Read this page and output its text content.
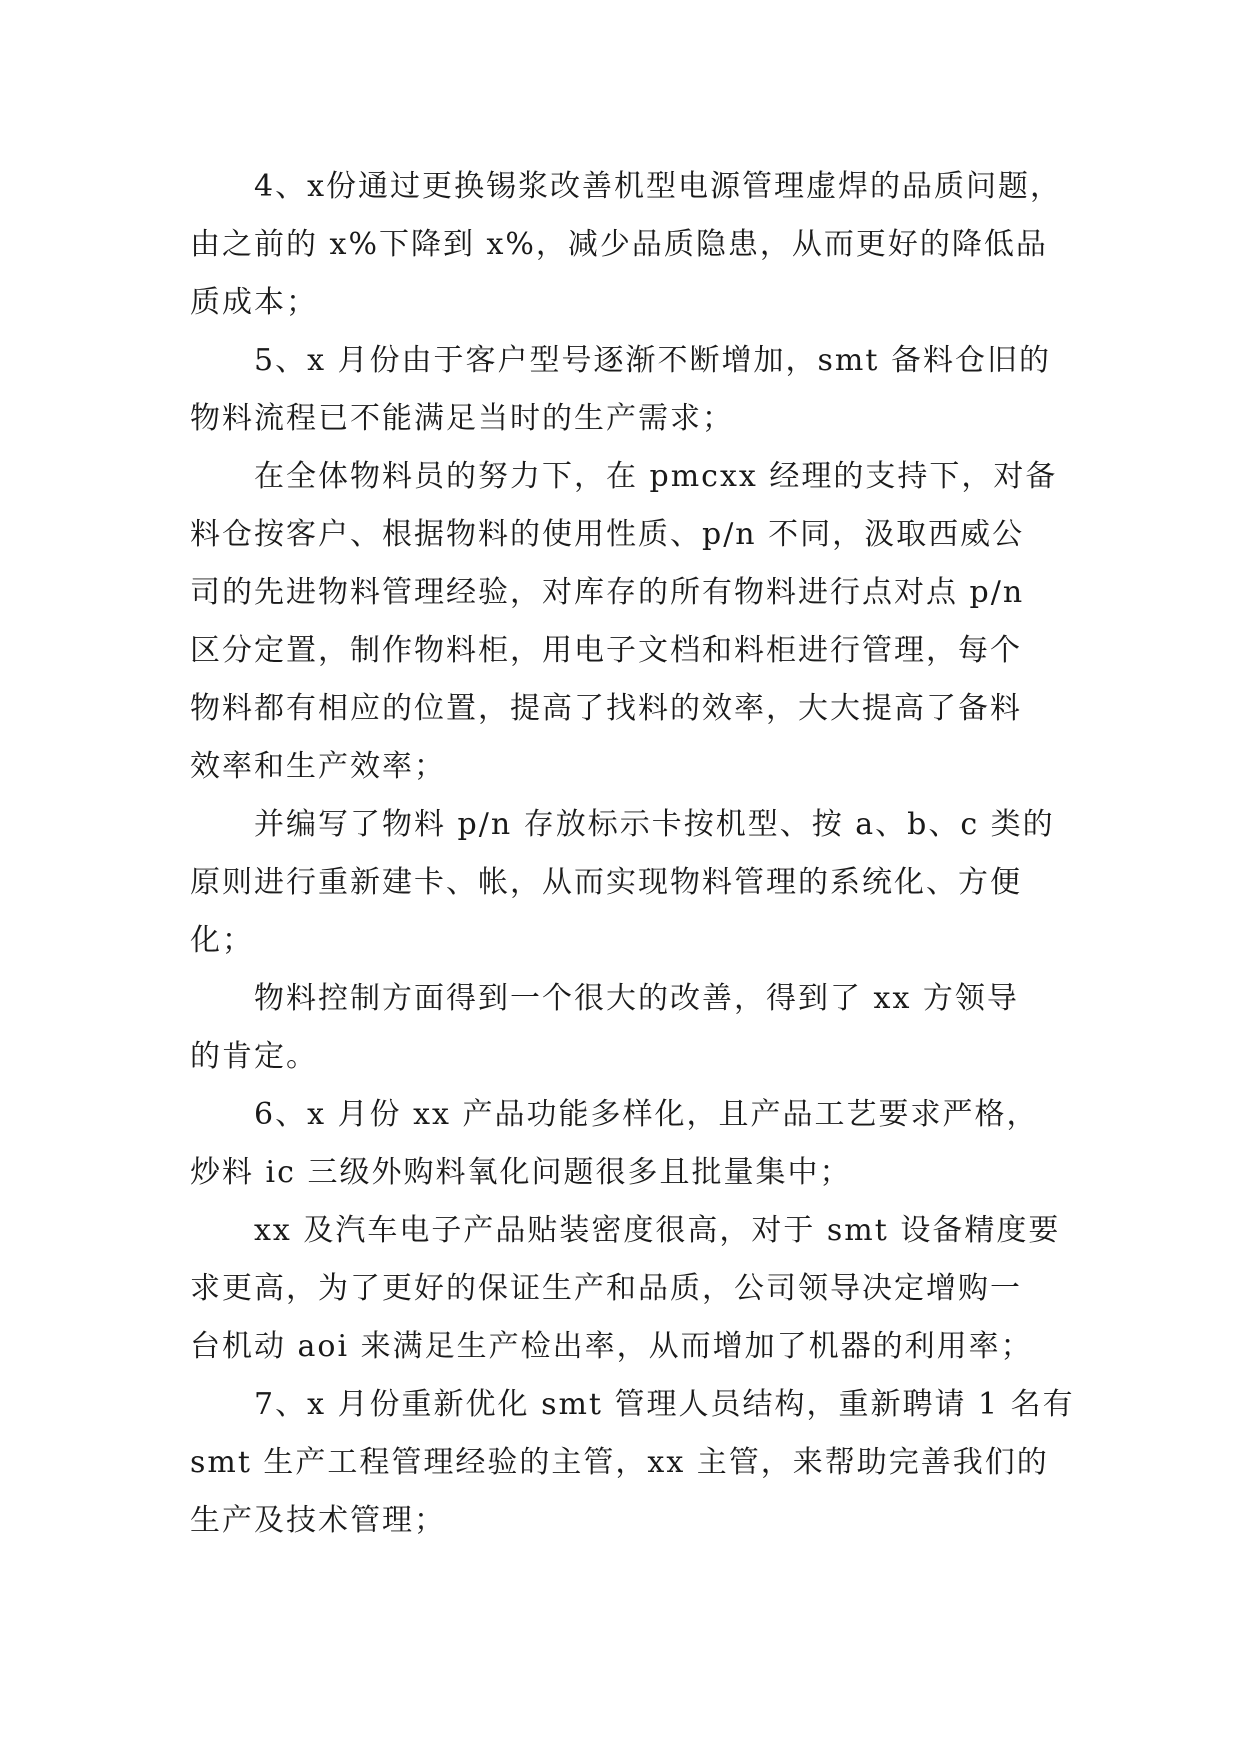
4、x份通过更换锡浆改善机型电源管理虚焊的品质问题，
由之前的 x%下降到 x%，减少品质隐患，从而更好的降低品
质成本；
5、x 月份由于客户型号逐渐不断增加，smt 备料仓旧的
物料流程已不能满足当时的生产需求；
在全体物料员的努力下，在 pmcxx 经理的支持下，对备
料仓按客户、根据物料的使用性质、p/n 不同，汲取西威公
司的先进物料管理经验，对库存的所有物料进行点对点 p/n
区分定置，制作物料柜，用电子文档和料柜进行管理，每个
物料都有相应的位置，提高了找料的效率，大大提高了备料
效率和生产效率；
并编写了物料 p/n 存放标示卡按机型、按 a、b、c 类的
原则进行重新建卡、帐，从而实现物料管理的系统化、方便
化；
物料控制方面得到一个很大的改善，得到了 xx 方领导
的肯定。
6、x 月份 xx 产品功能多样化，且产品工艺要求严格，
炒料 ic 三级外购料氧化问题很多且批量集中；
xx 及汽车电子产品贴装密度很高，对于 smt 设备精度要
求更高，为了更好的保证生产和品质，公司领导决定增购一
台机动 aoi 来满足生产检出率，从而增加了机器的利用率；
7、x 月份重新优化 smt 管理人员结构，重新聘请 1 名有
smt 生产工程管理经验的主管，xx 主管，来帮助完善我们的
生产及技术管理；
